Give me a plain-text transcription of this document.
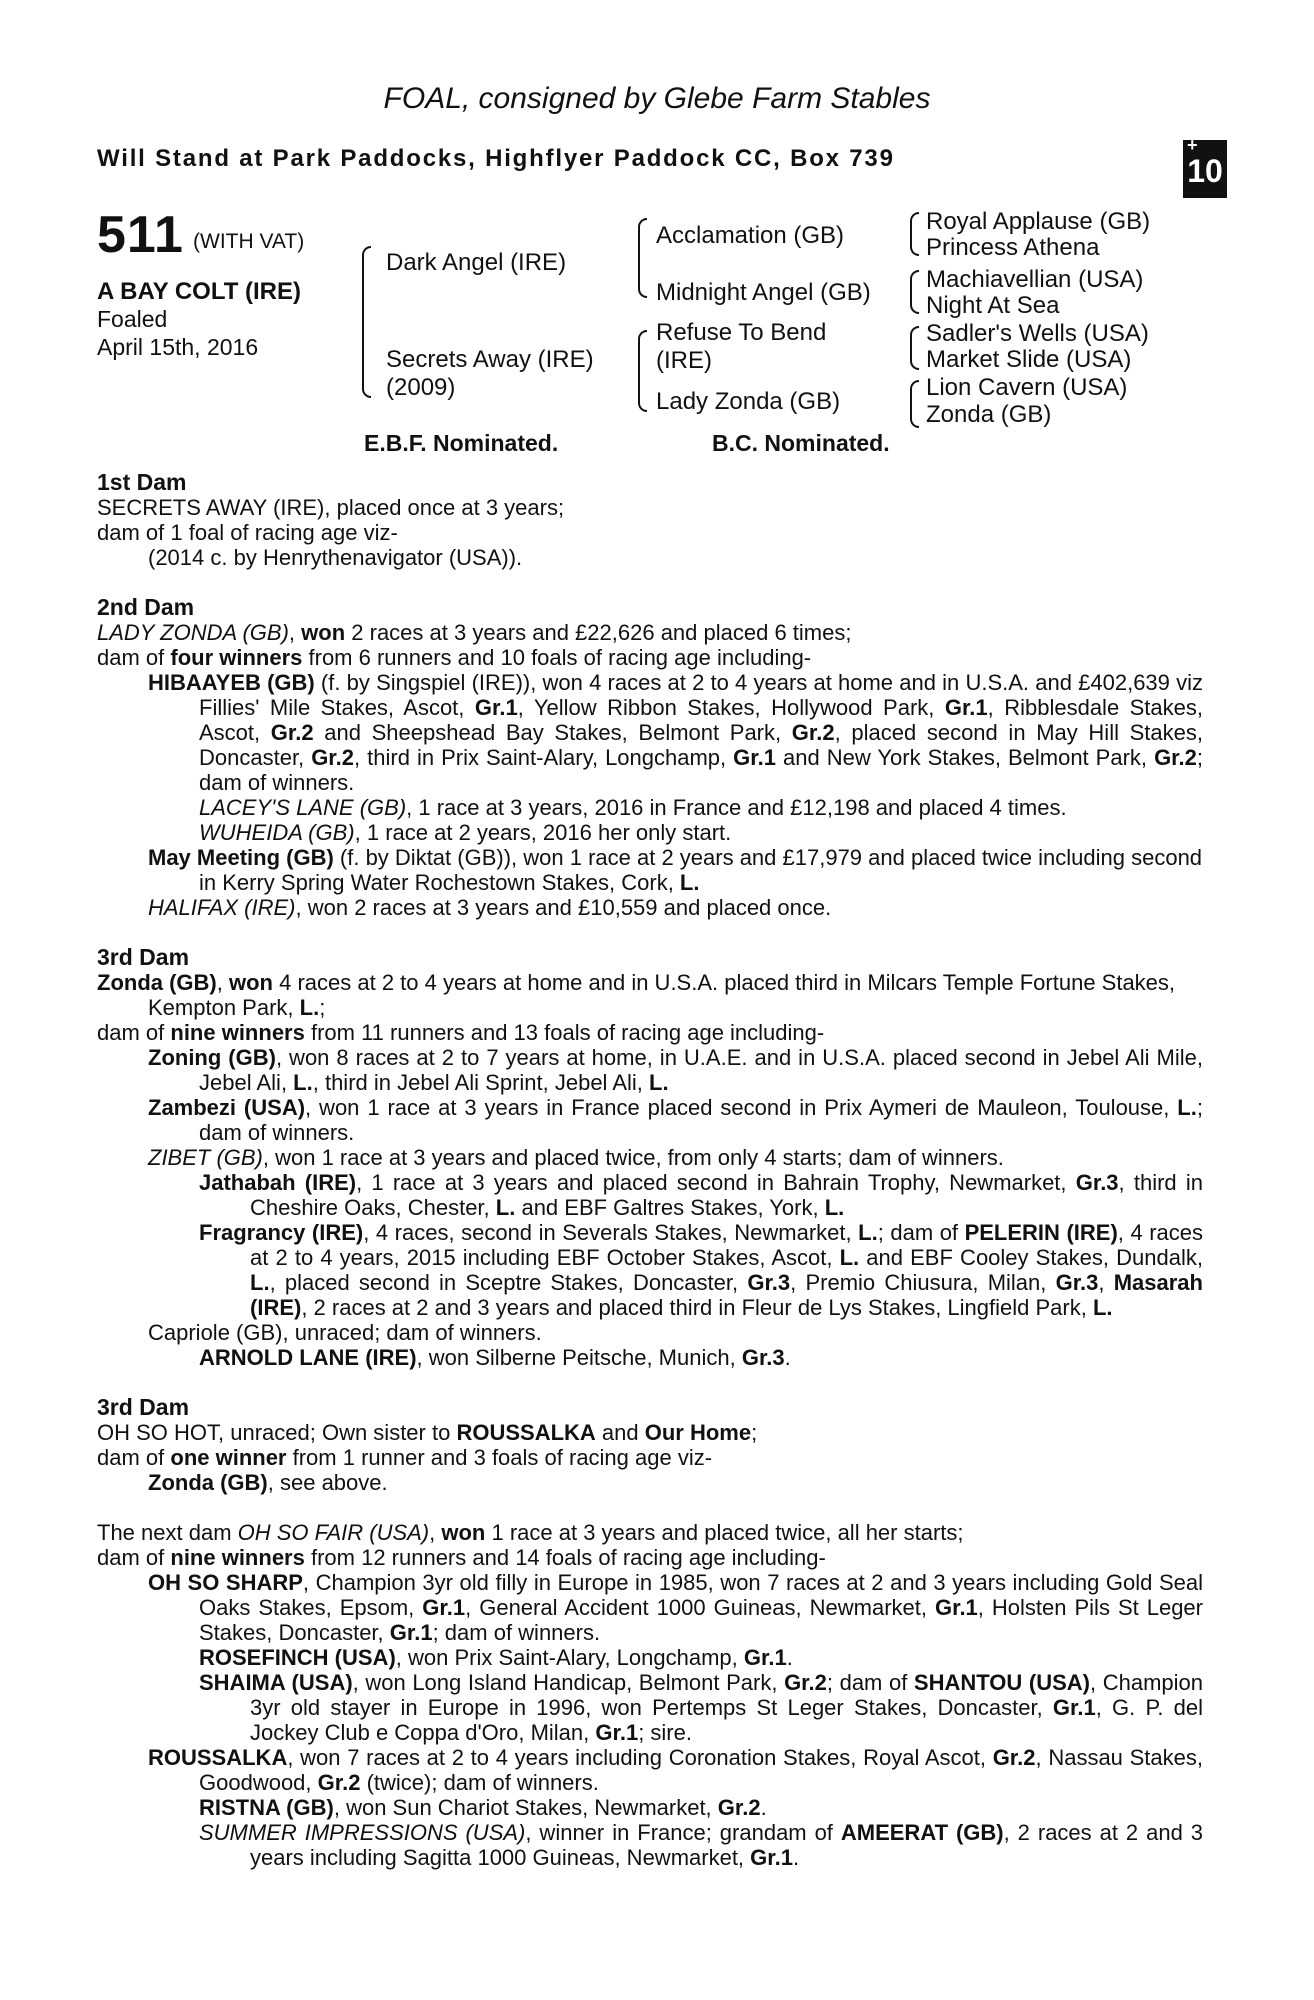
FOAL, consigned by Glebe Farm Stables
Will Stand at Park Paddocks, Highflyer Paddock CC, Box 739	+
10
511 (WITH VAT)
A BAY COLT (IRE)
Foaled
April 15th, 2016
Dark Angel (IRE)
Secrets Away (IRE)
(2009)
Acclamation (GB)
Midnight Angel (GB)
Refuse To Bend
(IRE)
Lady Zonda (GB)
Royal Applause (GB)
Princess Athena
Machiavellian (USA)
Night At Sea
Sadler's Wells (USA)
Market Slide (USA)
Lion Cavern (USA)
Zonda (GB)
E.B.F. Nominated.	B.C. Nominated.
1st Dam
SECRETS AWAY (IRE), placed once at 3 years;
dam of 1 foal of racing age viz-
(2014 c. by Henrythenavigator (USA)).
2nd Dam
LADY ZONDA (GB), won 2 races at 3 years and £22,626 and placed 6 times;
dam of four winners from 6 runners and 10 foals of racing age including-
HIBAAYEB (GB) (f. by Singspiel (IRE)), won 4 races at 2 to 4 years at home and in U.S.A. and £402,639 viz Fillies' Mile Stakes, Ascot, Gr.1, Yellow Ribbon Stakes, Hollywood Park, Gr.1, Ribblesdale Stakes, Ascot, Gr.2 and Sheepshead Bay Stakes, Belmont Park, Gr.2, placed second in May Hill Stakes, Doncaster, Gr.2, third in Prix Saint-Alary, Longchamp, Gr.1 and New York Stakes, Belmont Park, Gr.2; dam of winners.
LACEY'S LANE (GB), 1 race at 3 years, 2016 in France and £12,198 and placed 4 times.
WUHEIDA (GB), 1 race at 2 years, 2016 her only start.
May Meeting (GB) (f. by Diktat (GB)), won 1 race at 2 years and £17,979 and placed twice including second in Kerry Spring Water Rochestown Stakes, Cork, L.
HALIFAX (IRE), won 2 races at 3 years and £10,559 and placed once.
3rd Dam
Zonda (GB), won 4 races at 2 to 4 years at home and in U.S.A. placed third in Milcars Temple Fortune Stakes, Kempton Park, L.;
dam of nine winners from 11 runners and 13 foals of racing age including-
Zoning (GB), won 8 races at 2 to 7 years at home, in U.A.E. and in U.S.A. placed second in Jebel Ali Mile, Jebel Ali, L., third in Jebel Ali Sprint, Jebel Ali, L.
Zambezi (USA), won 1 race at 3 years in France placed second in Prix Aymeri de Mauleon, Toulouse, L.; dam of winners.
ZIBET (GB), won 1 race at 3 years and placed twice, from only 4 starts; dam of winners.
Jathabah (IRE), 1 race at 3 years and placed second in Bahrain Trophy, Newmarket, Gr.3, third in Cheshire Oaks, Chester, L. and EBF Galtres Stakes, York, L.
Fragrancy (IRE), 4 races, second in Severals Stakes, Newmarket, L.; dam of PELERIN (IRE), 4 races at 2 to 4 years, 2015 including EBF October Stakes, Ascot, L. and EBF Cooley Stakes, Dundalk, L., placed second in Sceptre Stakes, Doncaster, Gr.3, Premio Chiusura, Milan, Gr.3, Masarah (IRE), 2 races at 2 and 3 years and placed third in Fleur de Lys Stakes, Lingfield Park, L.
Capriole (GB), unraced; dam of winners.
ARNOLD LANE (IRE), won Silberne Peitsche, Munich, Gr.3.
3rd Dam
OH SO HOT, unraced; Own sister to ROUSSALKA and Our Home;
dam of one winner from 1 runner and 3 foals of racing age viz-
Zonda (GB), see above.
The next dam OH SO FAIR (USA), won 1 race at 3 years and placed twice, all her starts;
dam of nine winners from 12 runners and 14 foals of racing age including-
OH SO SHARP, Champion 3yr old filly in Europe in 1985, won 7 races at 2 and 3 years including Gold Seal Oaks Stakes, Epsom, Gr.1, General Accident 1000 Guineas, Newmarket, Gr.1, Holsten Pils St Leger Stakes, Doncaster, Gr.1; dam of winners.
ROSEFINCH (USA), won Prix Saint-Alary, Longchamp, Gr.1.
SHAIMA (USA), won Long Island Handicap, Belmont Park, Gr.2; dam of SHANTOU (USA), Champion 3yr old stayer in Europe in 1996, won Pertemps St Leger Stakes, Doncaster, Gr.1, G. P. del Jockey Club e Coppa d'Oro, Milan, Gr.1; sire.
ROUSSALKA, won 7 races at 2 to 4 years including Coronation Stakes, Royal Ascot, Gr.2, Nassau Stakes, Goodwood, Gr.2 (twice); dam of winners.
RISTNA (GB), won Sun Chariot Stakes, Newmarket, Gr.2.
SUMMER IMPRESSIONS (USA), winner in France; grandam of AMEERAT (GB), 2 races at 2 and 3 years including Sagitta 1000 Guineas, Newmarket, Gr.1.
